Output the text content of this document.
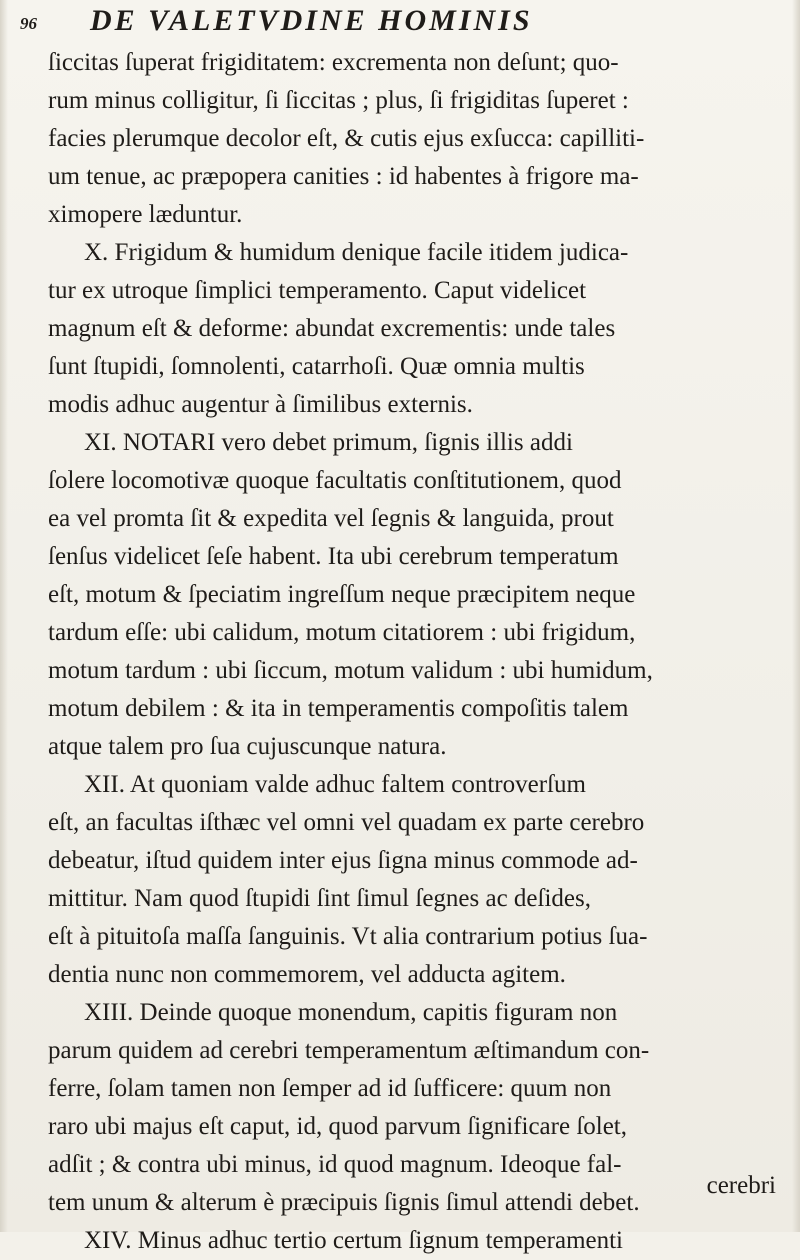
96 DE VALETVDINE HOMINIS
ſiccitas ſuperat frigiditatem: excrementa non deſunt; quo-
rum minus colligitur, ſi ſiccitas ; plus, ſi frigiditas ſuperet :
facies plerumque decolor eſt, & cutis ejus exſucca: capilliti-
um tenue, ac præpopera canities : id habentes à frigore ma-
ximopere læduntur.
X. Frigidum & humidum denique facile itidem judica-
tur ex utroque ſimplici temperamento. Caput videlicet
magnum eſt & deforme: abundat excrementis: unde tales
ſunt ſtupidi, ſomnolenti, catarrhoſi. Quæ omnia multis
modis adhuc augentur à ſimilibus externis.
XI. NOTARI vero debet primum, ſignis illis addi
ſolere locomotivæ quoque facultatis conſtitutionem, quod
ea vel promta ſit & expedita vel ſegnis & languida, prout
ſenſus videlicet ſeſe habent. Ita ubi cerebrum temperatum
eſt, motum & ſpeciatim ingreſſum neque præcipitem neque
tardum eſſe: ubi calidum, motum citatiorem : ubi frigidum,
motum tardum : ubi ſiccum, motum validum : ubi humidum,
motum debilem : & ita in temperamentis compoſitis talem
atque talem pro ſua cujuscunque natura.
XII. At quoniam valde adhuc faltem controverſum
eſt, an facultas iſthæc vel omni vel quadam ex parte cerebro
debeatur, iſtud quidem inter ejus ſigna minus commode ad-
mittitur. Nam quod ſtupidi ſint ſimul ſegnes ac deſides,
eſt à pituitoſa maſſa ſanguinis. Vt alia contrarium potius ſua-
dentia nunc non commemorem, vel adducta agitem.
XIII. Deinde quoque monendum, capitis figuram non
parum quidem ad cerebri temperamentum æſtimandum con-
ferre, ſolam tamen non ſemper ad id ſufficere: quum non
raro ubi majus eſt caput, id, quod parvum ſignificare ſolet,
adſit ; & contra ubi minus, id quod magnum. Ideoque fal-
tem unum & alterum è præcipuis ſignis ſimul attendi debet.
XIV. Minus adhuc tertio certum ſignum temperamenti
cerebri
